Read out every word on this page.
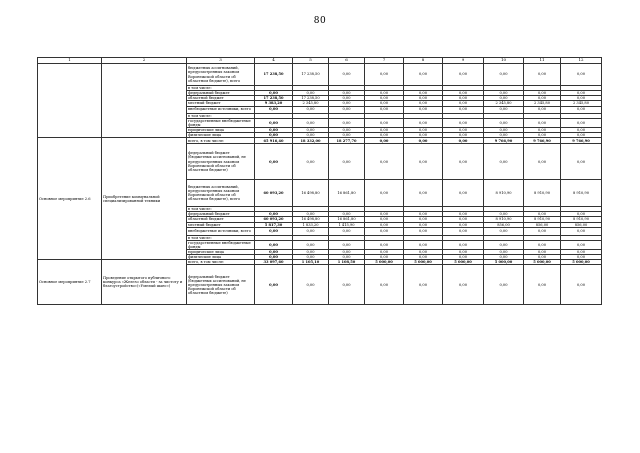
80
1	2	3	4	5	6	7	8	9	10	11	12
		бюджетных ассигнований, предусмотренных законом Воронежской области об областном бюджете), всего	17 238,50	17 238,50	0,00	0,00	0,00	0,00	0,00	0,00	0,00
		в том числе:									
		федеральный бюджет	0,00	0,00	0,00	0,00	0,00	0,00	0,00	0,00	0,00
		областной бюджет	17 238,50	17 238,50	0,00	0,00	0,00	0,00	0,00	0,00	0,00
		местный бюджет	9 383,20	2 345,80	0,00	0,00	0,00	0,00	2 345,80	2 345,80	2 345,80
		внебюджетные источники, всего	0,00	0,00	0,00	0,00	0,00	0,00	0,00	0,00	0,00
		в том числе:									
		государственные внебюджетные фонды	0,00	0,00	0,00	0,00	0,00	0,00	0,00	0,00	0,00
		юридические лица	0,00	0,00	0,00	0,00	0,00	0,00	0,00	0,00	0,00
		физические лица	0,00	0,00	0,00	0,00	0,00	0,00	0,00	0,00	0,00
Основное мероприятие 2.6	Приобретение коммунальной специализированной техники	всего, в том числе:	65 916,40	18 332,00	18 277,70	0,00	0,00	0,00	9 766,90	9 766,90	9 766,90
		федеральный бюджет (бюджетных ассигнований, не предусмотренных законом Воронежской области об областном бюджете)	0,00	0,00	0,00	0,00	0,00	0,00	0,00	0,00	0,00
		бюджетных ассигнований, предусмотренных законом Воронежской области об областном бюджете), всего	60 093,20	16 498,80	16 861,80	0,00	0,00	0,00	8 910,90	8 910,90	8 910,90
		в том числе:									
		федеральный бюджет	0,00	0,00	0,00	0,00	0,00	0,00	0,00	0,00	0,00
		областной бюджет	60 093,20	16 498,80	16 861,80	0,00	0,00	0,00	8 910,90	8 910,90	8 910,90
		местный бюджет	5 817,30	1 833,20	1 415,90	0,00	0,00	0,00	856,00	856,00	856,00
		внебюджетные источники, всего	0,00	0,00	0,00	0,00	0,00	0,00	0,00	0,00	0,00
		в том числе:									
		государственные внебюджетные фонды	0,00	0,00	0,00	0,00	0,00	0,00	0,00	0,00	0,00
		юридические лица	0,00	0,00	0,00	0,00	0,00	0,00	0,00	0,00	0,00
		физические лица	0,00	0,00	0,00	0,00	0,00	0,00	0,00	0,00	0,00
Основное мероприятие 2.7	Проведение открытого публичного конкурса «Железо области - за чистоту и благоустройство»(«Умелый шанс»)	всего, в том числе:	33 097,60	1 105,10	1 108,50	5 000,00	5 000,00	5 000,00	5 000,00	5 000,00	5 000,00
		федеральный бюджет (бюджетных ассигнований, не предусмотренных законом Воронежской области об областном бюджете)	0,00	0,00	0,00	0,00	0,00	0,00	0,00	0,00	0,00
